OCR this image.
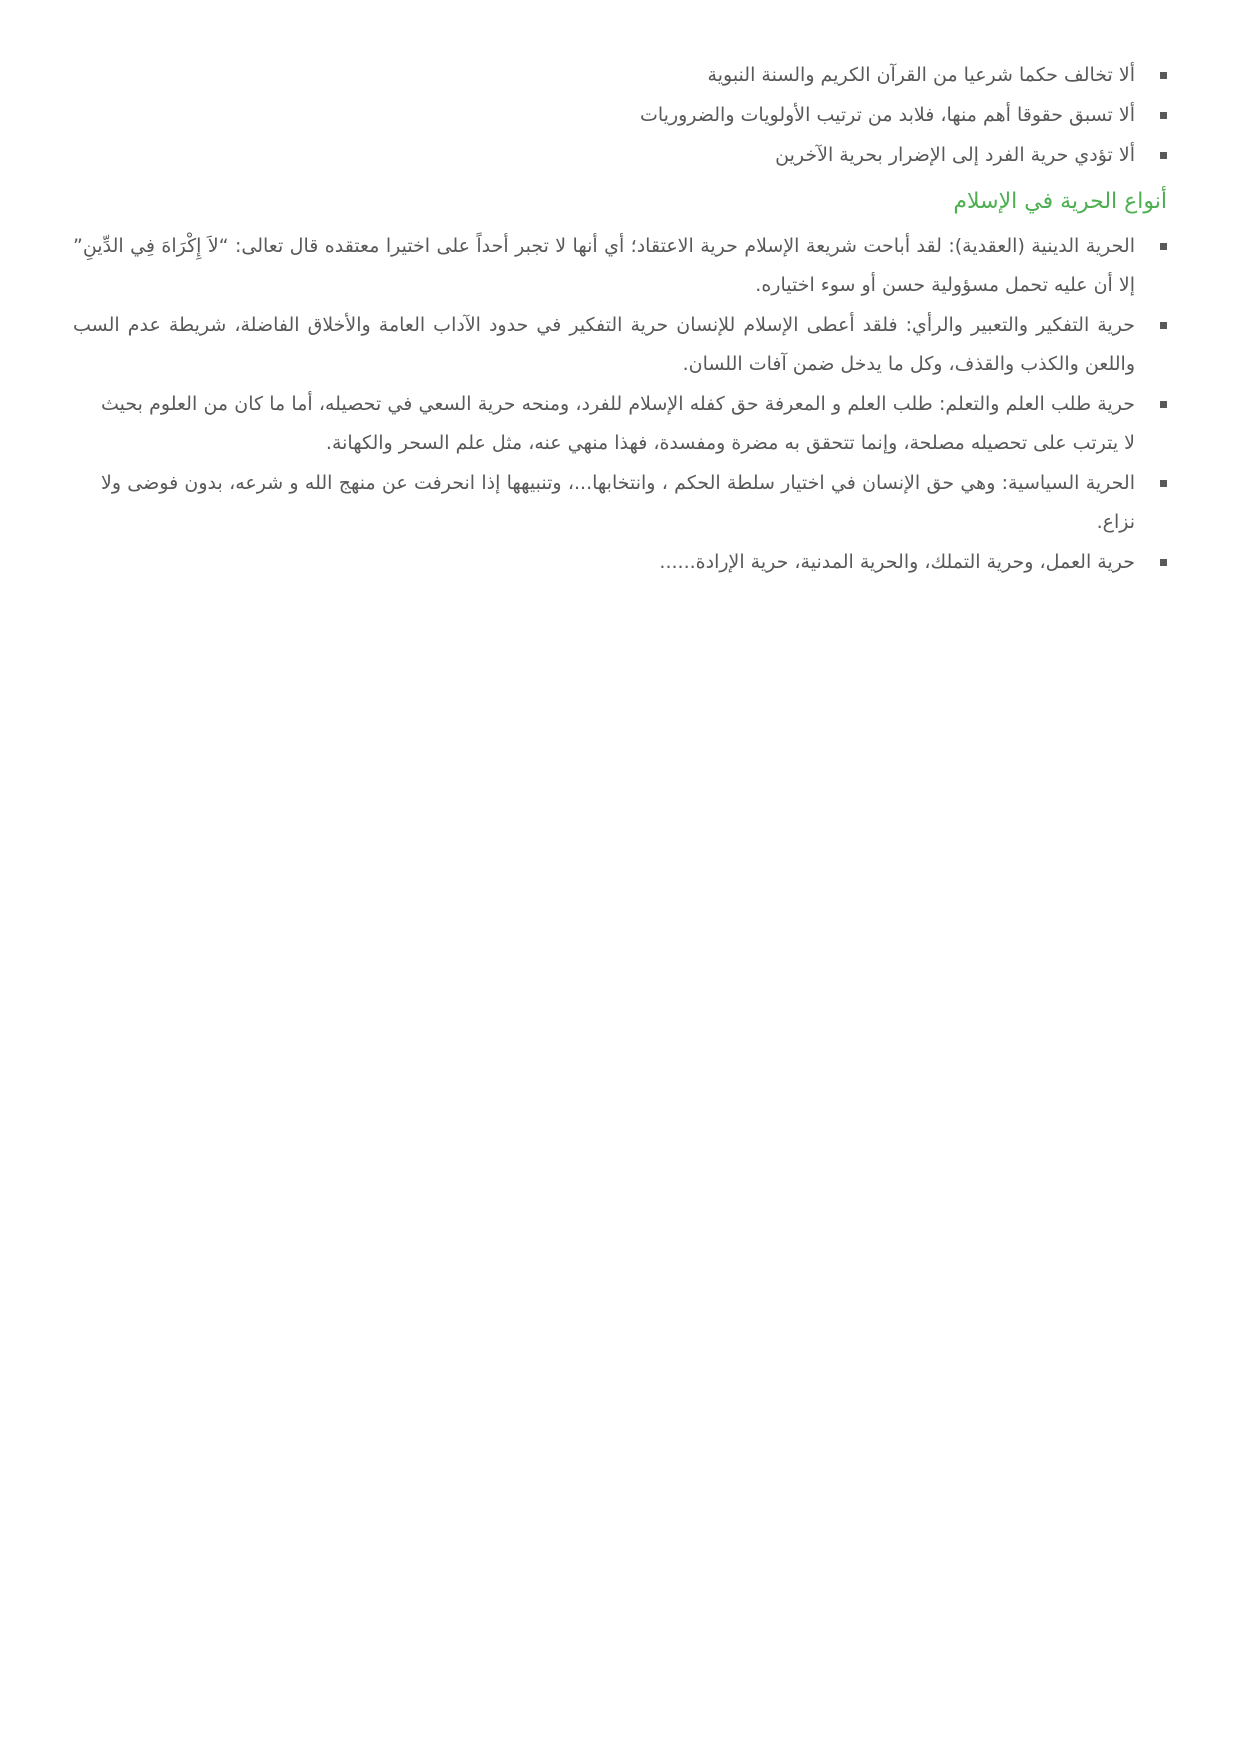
ألا تخالف حكما شرعيا من القرآن الكريم والسنة النبوية
ألا تسبق حقوقا أهم منها، فلابد من ترتيب الأولويات والضروريات
ألا تؤدي حرية الفرد إلى الإضرار بحرية الآخرين
أنواع الحرية في الإسلام
الحرية الدينية (العقدية): لقد أباحت شريعة الإسلام حرية الاعتقاد؛ أي أنها لا تجبر أحداً على اختيرا معتقده قال تعالى: “لاَ إِكْرَاهَ فِي الدِّينِ” إلا أن عليه تحمل مسؤولية حسن أو سوء اختياره.
حرية التفكير والتعبير والرأي: فلقد أعطى الإسلام للإنسان حرية التفكير في حدود الآداب العامة والأخلاق الفاضلة، شريطة عدم السب واللعن والكذب والقذف، وكل ما يدخل ضمن آفات اللسان.
حرية طلب العلم والتعلم: طلب العلم و المعرفة حق كفله الإسلام للفرد، ومنحه حرية السعي في تحصيله، أما ما كان من العلوم بحيث لا يترتب على تحصيله مصلحة، وإنما تتحقق به مضرة ومفسدة، فهذا منهي عنه، مثل علم السحر والكهانة.
الحرية السياسية: وهي حق الإنسان في اختيار سلطة الحكم ، وانتخابها...، وتنبيهها إذا انحرفت عن منهج الله و شرعه، بدون فوضى ولا نزاع.
حرية العمل، وحرية التملك، والحرية المدنية، حرية الإرادة......
